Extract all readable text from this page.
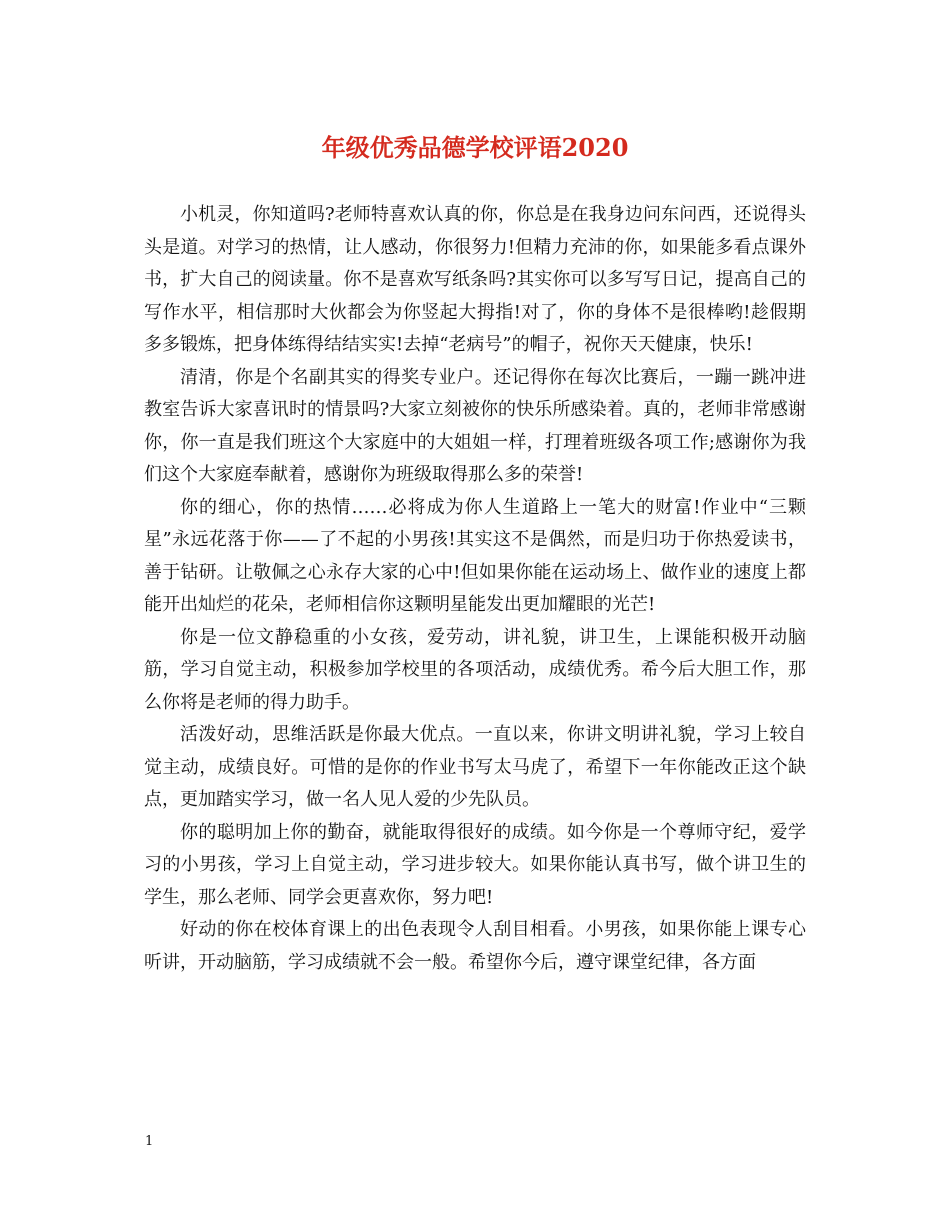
年级优秀品德学校评语2020

小机灵，你知道吗?老师特喜欢认真的你，你总是在我身边问东问西，还说得头头是道。对学习的热情，让人感动，你很努力!但精力充沛的你，如果能多看点课外书，扩大自己的阅读量。你不是喜欢写纸条吗?其实你可以多写写日记，提高自己的写作水平，相信那时大伙都会为你竖起大拇指!对了，你的身体不是很棒哟!趁假期多多锻炼，把身体练得结结实实!去掉“老病号”的帽子，祝你天天健康，快乐!

清清，你是个名副其实的得奖专业户。还记得你在每次比赛后，一蹦一跳冲进教室告诉大家喜讯时的情景吗?大家立刻被你的快乐所感染着。真的，老师非常感谢你，你一直是我们班这个大家庭中的大姐姐一样，打理着班级各项工作;感谢你为我们这个大家庭奉献着，感谢你为班级取得那么多的荣誉!

你的细心，你的热情……必将成为你人生道路上一笔大的财富!作业中“三颗星”永远花落于你——了不起的小男孩!其实这不是偶然，而是归功于你热爱读书，善于钻研。让敬佩之心永存大家的心中!但如果你能在运动场上、做作业的速度上都能开出灿烂的花朵，老师相信你这颗明星能发出更加耀眼的光芒!

你是一位文静稳重的小女孩，爱劳动，讲礼貌，讲卫生，上课能积极开动脑筋，学习自觉主动，积极参加学校里的各项活动，成绩优秀。希今后大胆工作，那么你将是老师的得力助手。

活泼好动，思维活跃是你最大优点。一直以来，你讲文明讲礼貌，学习上较自觉主动，成绩良好。可惜的是你的作业书写太马虎了，希望下一年你能改正这个缺点，更加踏实学习，做一名人见人爱的少先队员。

你的聪明加上你的勤奋，就能取得很好的成绩。如今你是一个尊师守纪，爱学习的小男孩，学习上自觉主动，学习进步较大。如果你能认真书写，做个讲卫生的学生，那么老师、同学会更喜欢你，努力吧!

好动的你在校体育课上的出色表现令人刮目相看。小男孩，如果你能上课专心听讲，开动脑筋，学习成绩就不会一般。希望你今后，遵守课堂纪律，各方面

1
